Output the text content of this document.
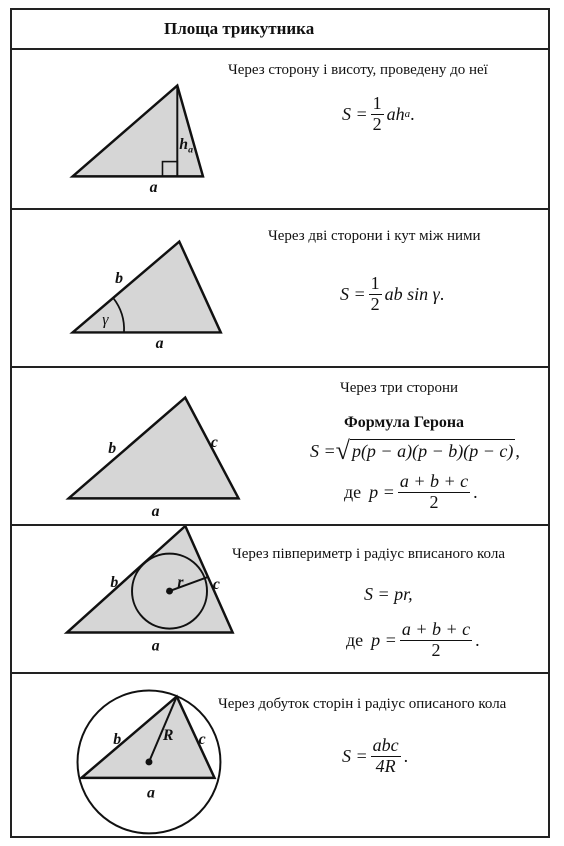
Площа трикутника
a
h a
Через сторону і висоту, проведену до неї
$S = \frac{1}{2}$ ah a .
a
b
γ
Через дві сторони і кут між ними
$S = \frac{1}{2}$ ab sin γ .
a
b	c
Через три сторони
Формула Герона
S = √ p(p − a)(p − b)(p − c) ,
де $p = \frac{a + b + c}{2}$ .
a
b	c
r
Через півпериметр і радіус вписаного кола
S =
pr,
де $p = \frac{a + b + c}{2}$ .
a
b	c
R
Через добуток сторін і радіус описаного кола
$S = \frac{\text{abc}}{4R}$ .
